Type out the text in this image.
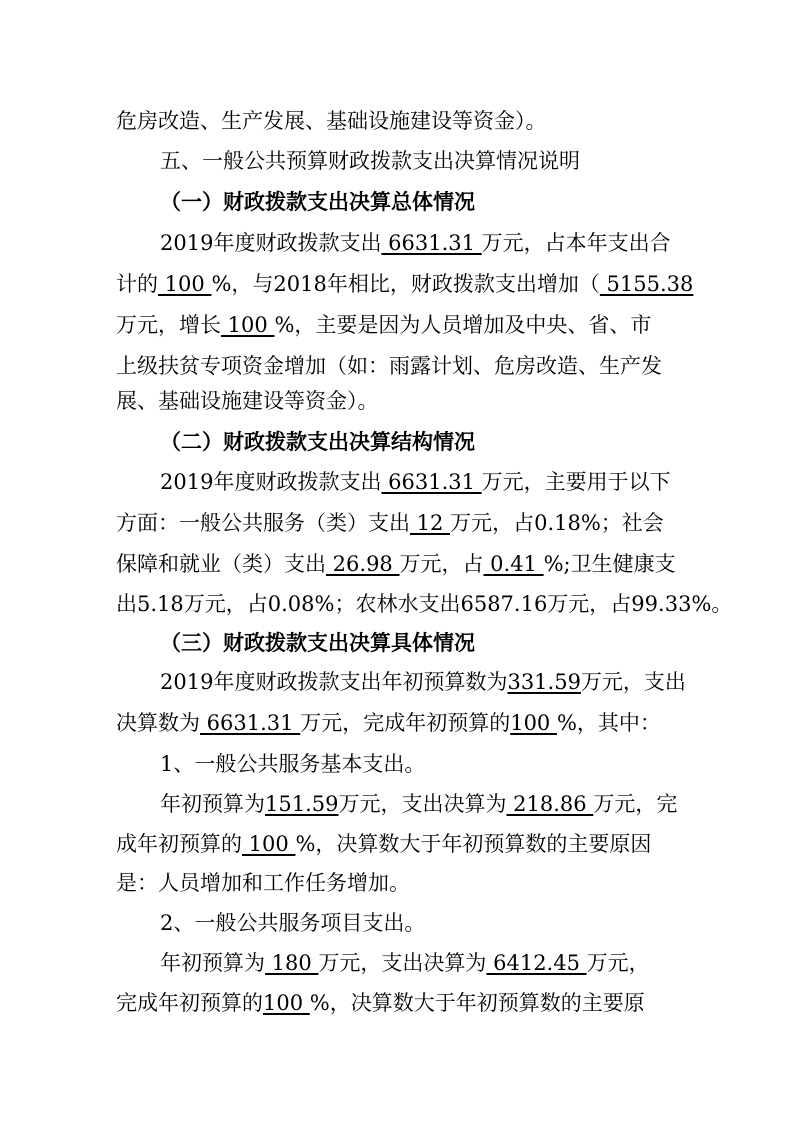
危房改造、生产发展、基础设施建设等资金）。
五、一般公共预算财政拨款支出决算情况说明
（一）财政拨款支出决算总体情况
2019年度财政拨款支出 6631.31 万元，占本年支出合
计的 100 %，与2018年相比，财政拨款支出增加（ 5155.38
万元，增长 100 %，主要是因为人员增加及中央、省、市
上级扶贫专项资金增加（如：雨露计划、危房改造、生产发
展、基础设施建设等资金）。
（二）财政拨款支出决算结构情况
2019年度财政拨款支出 6631.31 万元，主要用于以下
方面：一般公共服务（类）支出 12 万元，占0.18%；社会
保障和就业（类）支出 26.98 万元，占 0.41 %;卫生健康支
出5.18万元，占0.08%；农林水支出6587.16万元，占99.33%。
（三）财政拨款支出决算具体情况
2019年度财政拨款支出年初预算数为331.59万元，支出
决算数为 6631.31 万元，完成年初预算的100 %，其中：
1、一般公共服务基本支出。
年初预算为151.59万元，支出决算为 218.86 万元，完
成年初预算的 100 %，决算数大于年初预算数的主要原因
是：人员增加和工作任务增加。
2、一般公共服务项目支出。
年初预算为 180 万元，支出决算为 6412.45 万元，
完成年初预算的100 %，决算数大于年初预算数的主要原
